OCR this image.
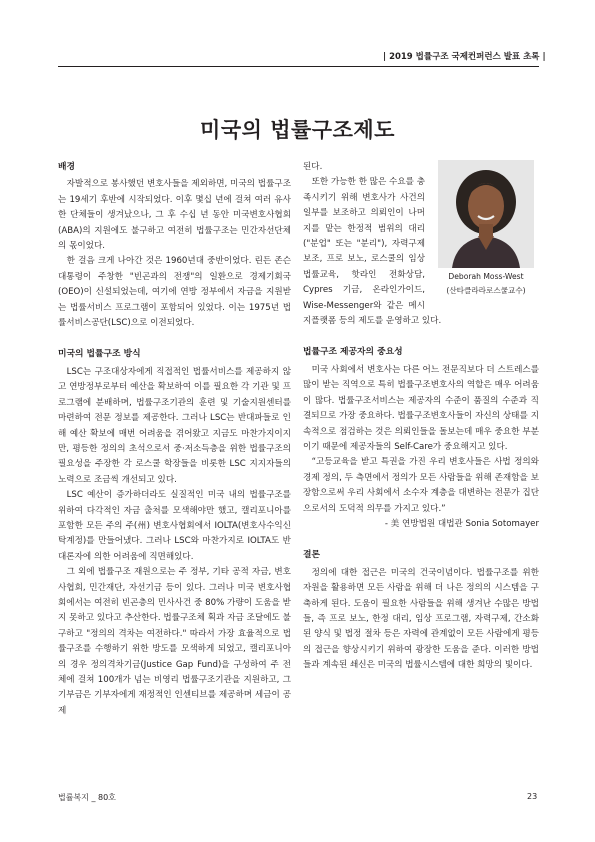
| 2019 법률구조 국제컨퍼런스 발표 초록 |
미국의 법률구조제도
배경

자발적으로 봉사했던 변호사들을 제외하면, 미국의 법률구조는 19세기 후반에 시작되었다. 이후 몇십 년에 걸쳐 여러 유사한 단체들이 생겨났으나, 그 후 수십 년 동안 미국변호사협회(ABA)의 지원에도 불구하고 여전히 법률구조는 민간자선단체의 몫이었다.

한 걸음 크게 나아간 것은 1960년대 중반이었다. 린든 존슨 대통령이 주창한 "빈곤과의 전쟁"의 일환으로 경제기회국(OEO)이 신설되었는데, 여기에 연방 정부에서 자금을 지원받는 법률서비스 프로그램이 포함되어 있었다. 이는 1975년 법률서비스공단(LSC)으로 이전되었다.

미국의 법률구조 방식

LSC는 구조대상자에게 직접적인 법률서비스를 제공하지 않고 연방정부로부터 예산을 확보하여 이를 필요한 각 기관 및 프로그램에 분배하며, 법률구조기관의 훈련 및 기술지원센터를 마련하여 전문 정보를 제공한다. 그러나 LSC는 반대파들로 인해 예산 확보에 매번 어려움을 겪어왔고 지금도 마찬가지이지만, 평등한 정의의 초석으로서 중·저소득층을 위한 법률구조의 필요성을 주장한 각 로스쿨 학장들을 비롯한 LSC 지지자들의 노력으로 조금씩 개선되고 있다.

LSC 예산이 증가하더라도 실질적인 미국 내의 법률구조를 위하여 다각적인 자금 출처를 모색해야만 했고, 캘리포니아를 포함한 모든 주의 주(州) 변호사협회에서 IOLTA(변호사수익신탁계정)를 만들어냈다. 그러나 LSC와 마찬가지로 IOLTA도 반대론자에 의한 어려움에 직면해있다.

그 외에 법률구조 재원으로는 주 정부, 기타 공적 자금, 변호사협회, 민간재단, 자선기금 등이 있다. 그러나 미국 변호사협회에서는 여전히 빈곤층의 민사사건 중 80% 가량이 도움을 받지 못하고 있다고 추산한다. 법률구조체 획과 자금 조달에도 불구하고 "정의의 격차는 여전하다." 따라서 가장 효율적으로 법률구조를 수행하기 위한 방도를 모색하게 되었고, 캘리포니아의 경우 정의격차기금(Justice Gap Fund)을 구성하여 주 전체에 걸쳐 100개가 넘는 비영리 법률구조기관을 지원하고, 그 기부금은 기부자에게 재정적인 인센티브를 제공하며 세금이 공제

Deborah Moss-West
(산타클라라로스쿨교수)

된다.

또한 가능한 한 많은 수요를 충족시키기 위해 변호사가 사건의 일부를 보조하고 의뢰인이 나머지를 맡는 한정적 범위의 대리("분업" 또는 "분리"), 자력구제 보조, 프로 보노, 로스쿨의 임상법률교육, 핫라인 전화상담, Cypres 기금, 온라인가이드, Wise-Messenger와 같은 메시지플랫폼 등의 제도를 운영하고 있다.

법률구조 제공자의 중요성

미국 사회에서 변호사는 다른 어느 전문직보다 더 스트레스를 많이 받는 직역으로 특히 법률구조변호사의 역할은 매우 어려움이 많다. 법률구조서비스는 제공자의 수준이 품질의 수준과 직결되므로 가장 중요하다. 법률구조변호사들이 자신의 상태를 지속적으로 점검하는 것은 의뢰인들을 돌보는데 매우 중요한 부분이기 때문에 제공자들의 Self-Care가 중요해지고 있다.

“고등교육을 받고 특권을 가진 우리 변호사들은 사법 정의와 경제 정의, 두 측면에서 정의가 모든 사람들을 위해 존재함을 보장함으로써 우리 사회에서 소수자 계층을 대변하는 전문가 집단으로서의 도덕적 의무를 가지고 있다.”

- 美 연방법원 대법관 Sonia Sotomayer
결론

정의에 대한 접근은 미국의 건국이념이다. 법률구조를 위한 자원을 활용하면 모든 사람을 위해 더 나은 정의의 시스템을 구축하게 된다. 도움이 필요한 사람들을 위해 생겨난 수많은 방법들, 즉 프로 보노, 한정 대리, 임상 프로그램, 자력구제, 간소화된 양식 및 법정 절차 등은 자력에 관계없이 모든 사람에게 평등의 접근을 향상시키기 위하여 광장한 도움을 준다. 이러한 방법들과 계속된 쇄신은 미국의 법률시스템에 대한 희망의 빛이다.

법률복지 _ 80호	23
